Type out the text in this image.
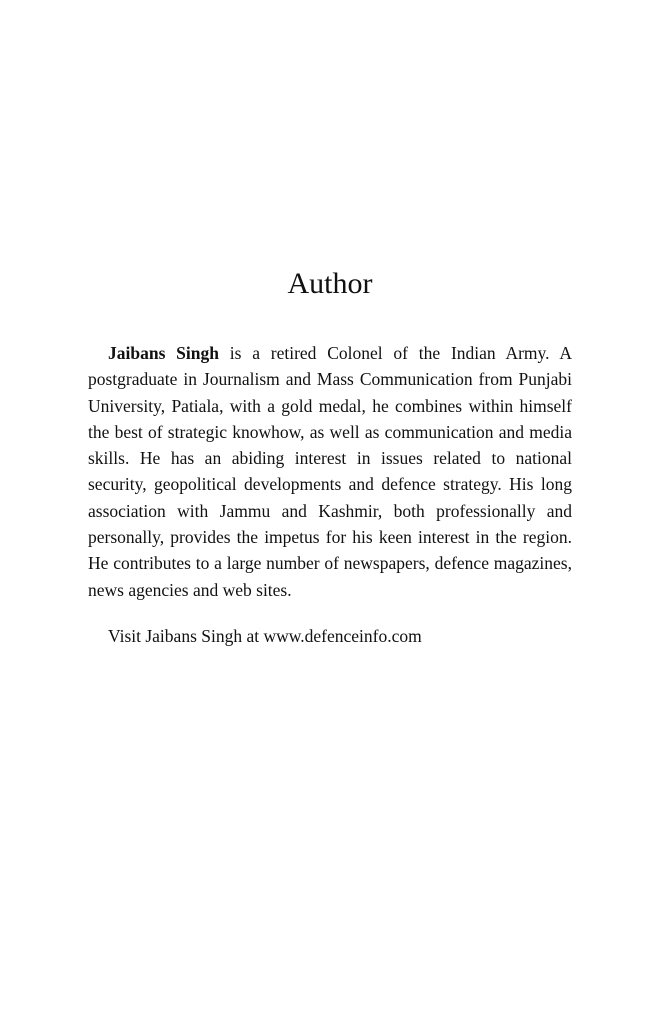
Author

Jaibans Singh is a retired Colonel of the Indian Army. A postgraduate in Journalism and Mass Communication from Punjabi University, Patiala, with a gold medal, he combines within himself the best of strategic knowhow, as well as communication and media skills. He has an abiding interest in issues related to national security, geopolitical developments and defence strategy. His long association with Jammu and Kashmir, both professionally and personally, provides the impetus for his keen interest in the region. He contributes to a large number of newspapers, defence magazines, news agencies and web sites.

Visit Jaibans Singh at www.defenceinfo.com
